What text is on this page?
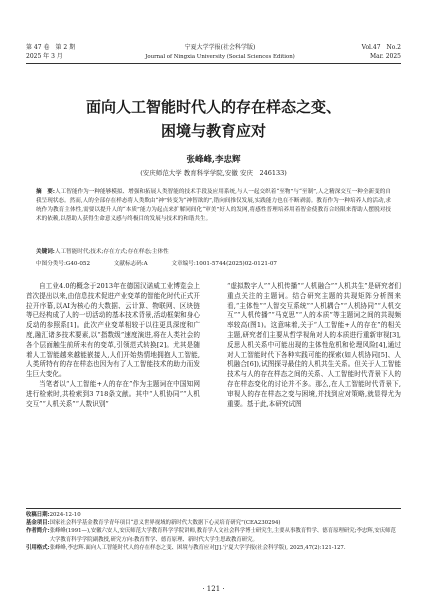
第 47 卷　第 2 期
2025 年 3 月
宁夏大学学报(社会科学版)
Journal of Ningxia University (Social Sciences Edition)
Vol.47　No.2
Mar. 2025
面向人工智能时代人的存在样态之变、
困境与教育应对
张峰峰,李忠辉
(安庆师范大学 教育科学学院,安徽 安庆　246133)
摘　要:人工智能作为一种能够模拟、增强和拓展人类智能的技术手段及应用系统,与人一起交织着“至物”与“至制”,人之精深交互一种全新变的自我呈现状态。然而,人的全部存在样态将人类欺由“神”转变为“神智欲的”,错向间推仅发展,实践能力也在不断剥弱。教育作为一种培养人的活动,求统作为教育主体性,需要以提升人的“本质”能力为起点来扩解同间化“审美”好人的发网,将感性普理培养用着智金使教育合经限来帮助人摆脱对技术的依赖,以帮助人获得生命意义感与终极目的发展与技术的和谐共生。
关键词:人工智能时代;技术;存在方式;存在样态;主体性
中图分类号:G40-052	文献标志码:A	文章编号:1001-5744(2025)02-0121-07

自工业4.0的概念于2013年在德国汉诺威工业博览会上首次提出以来,由信息技术促进产业变革的智能化时代正式开拉开序幕,以AI为核心的大数据、云计算、物联网、区块链等已经构成了人的一切活动的基本技术背景,活动框架和身心反动的参照系[1]。此次产业变革相较于以往更具深度和广度,融汇诸多技术要素,以“指数级”速度演进,将在人类社会的各个层面触生前所未有的变革,引领范式转换[2]。尤其是随着人工智能越来越能嵌接人,人们开始热情地拥抱人工智能,人类所特有的存在样态也因为有了人工智能技术的助力而发生巨大变化。

当笔者以“人工智能+人的存在”作为主题词在中国知网进行检索时,共检索到3 718条文献。其中“人机协同”“人机交互”“人机关系”“人数识别”

“虚拟数字人”“人机传播”“人机融合”“人机共生”是研究者们重点关注的主题词。结合研究主题的共现矩阵分析图来看,“主体性”“人智交互系统”“人机耦合”“人机协同”“人机交互”“人机传播”“马克思”“人的本质”等主题词之间的共现频率较高(图1)。这意味着,关于“人工智能+人的存在”的相关主题,研究者们主要从哲学视角对人的本质进行重新审视[3],反思人机关系中可能出现的主体性危机和伦理风险[4],通过对人工智能时代下各种实践可能的探索(如人机协同[5]、人机融合[6]),试图探寻最佳的人机共生关系。但关于人工智能技术与人的存在样态之间的关系、人工智能时代背景下人的存在样态变化的讨论并不多。那么,在人工智能时代背景下,审视人的存在样态之变与困境,并找到应对策略,就显得尤为重要。基于此,本研究试图

收稿日期: 2024-12-10
基金项目: 国家社会科学基金教育学青年项目“意义世界视域的新时代大数据下心灵培育研究”(CEA230294)
作者简介: 张峰峰(1991—),安徽六安人,安庆师范大学教育科学学院讲师,教育学人文社会科学博士研究生,主要从事教育哲学、德育原理研究;李忠辉,安庆师范大学教育科学学院副教授,研究方向:教育哲学、德育原理、新时代大学生思政教育研究。
引用格式: 张峰峰,李忠辉.面向人工智能时代人的存在样态之变、困境与教育应对[J].宁夏大学学报(社会科学版), 2025,47(2):121-127.
· 121 ·
